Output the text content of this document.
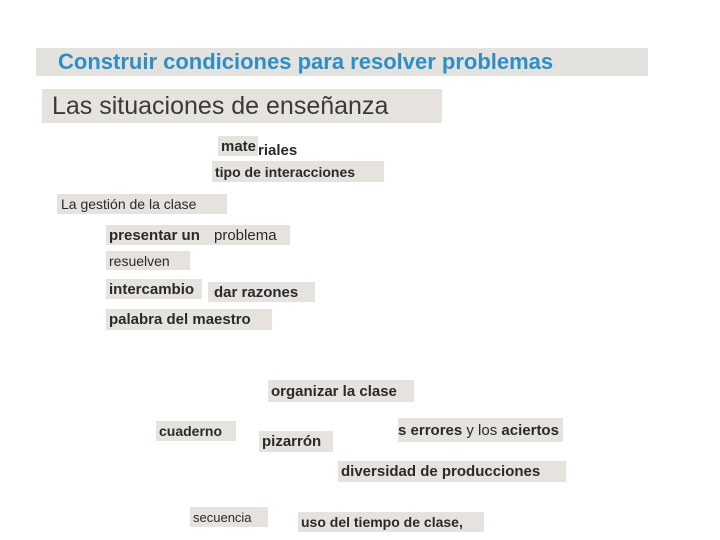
Construir condiciones para resolver problemas
Las situaciones de enseñanza
mate riales
tipo de interacciones
La gestión de la clase
presentar un problema
resuelven
intercambio	dar razones
palabra del maestro
organizar la clase
cuaderno
pizarrón
s errores y los aciertos
diversidad de producciones
secuencia	uso del tiempo de clase,
